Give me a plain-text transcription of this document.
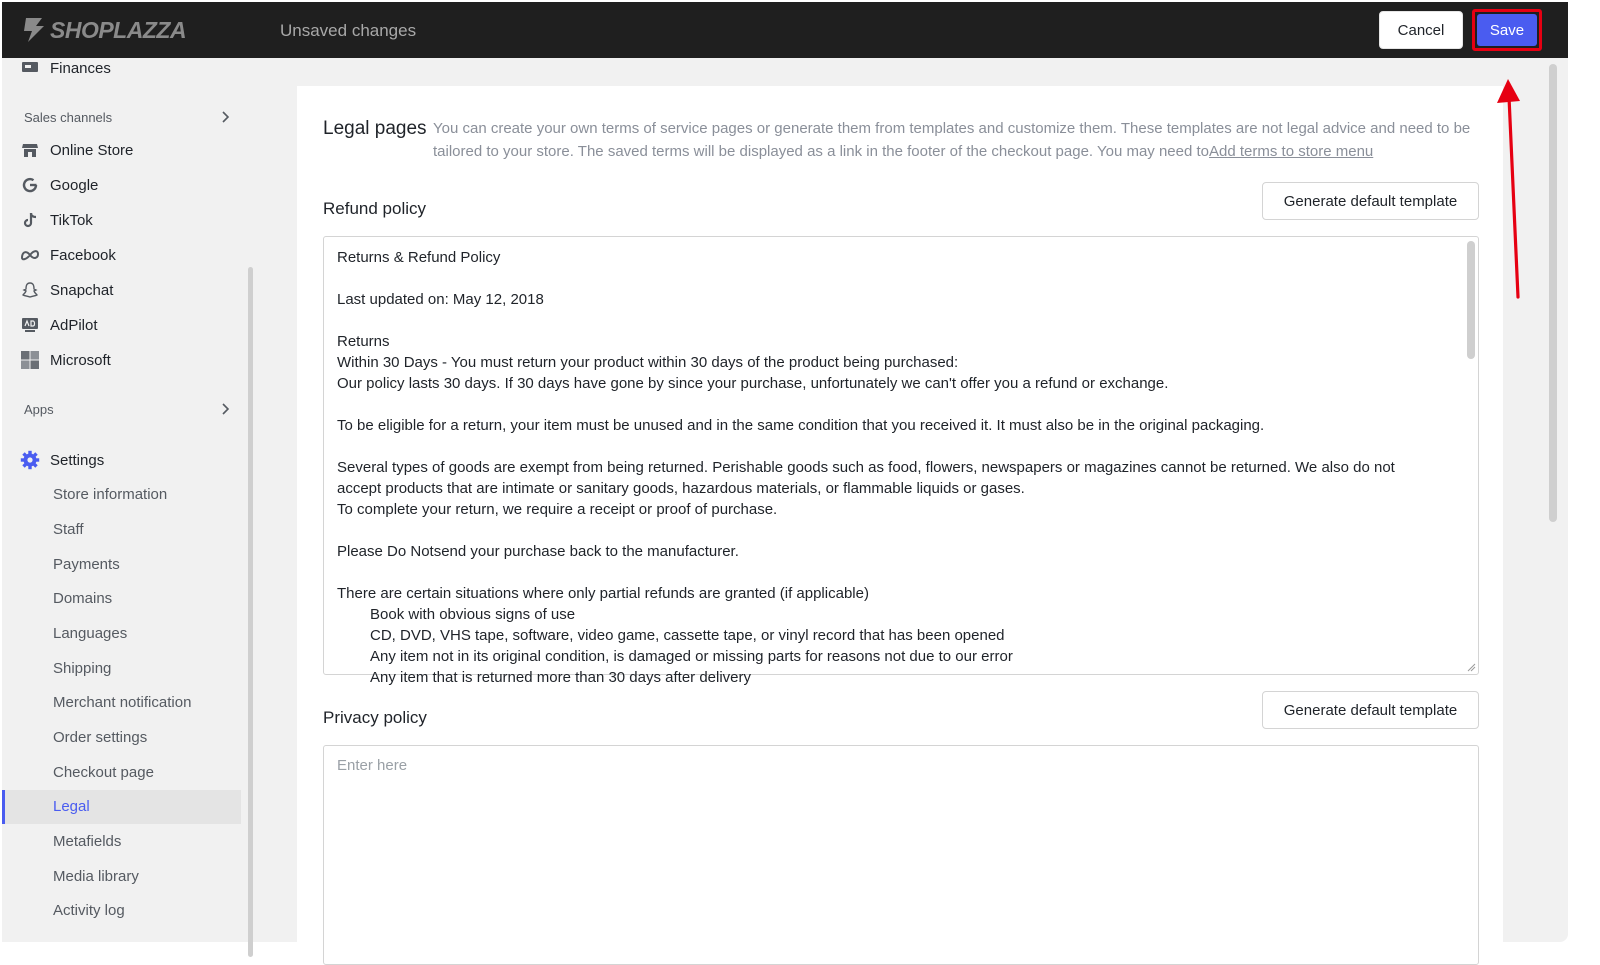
SHOPLAZZA	Unsaved changes	Cancel	Save
Finances
Sales channels
Online Store
Google
TikTok
Facebook
Snapchat
AdPilot
Microsoft
Apps
Settings
Store information
Staff
Payments
Domains
Languages
Shipping
Merchant notification
Order settings
Checkout page
Legal
Metafields
Media library
Activity log
Legal pages You can create your own terms of service pages or generate them from templates and customize them. These templates are not legal advice and need to be tailored to your store. The saved terms will be displayed as a link in the footer of the checkout page. You may need toAdd terms to store menu
Refund policy	Generate default template
Returns & Refund Policy

Last updated on: May 12, 2018

Returns
Within 30 Days - You must return your product within 30 days of the product being purchased:
Our policy lasts 30 days. If 30 days have gone by since your purchase, unfortunately we can't offer you a refund or exchange.

To be eligible for a return, your item must be unused and in the same condition that you received it. It must also be in the original packaging.

Several types of goods are exempt from being returned. Perishable goods such as food, flowers, newspapers or magazines cannot be returned. We also do not
accept products that are intimate or sanitary goods, hazardous materials, or flammable liquids or gases.
To complete your return, we require a receipt or proof of purchase.

Please Do Notsend your purchase back to the manufacturer.

There are certain situations where only partial refunds are granted (if applicable)
Book with obvious signs of use
CD, DVD, VHS tape, software, video game, cassette tape, or vinyl record that has been opened
Any item not in its original condition, is damaged or missing parts for reasons not due to our error
Any item that is returned more than 30 days after delivery
Privacy policy	Generate default template
Enter here
